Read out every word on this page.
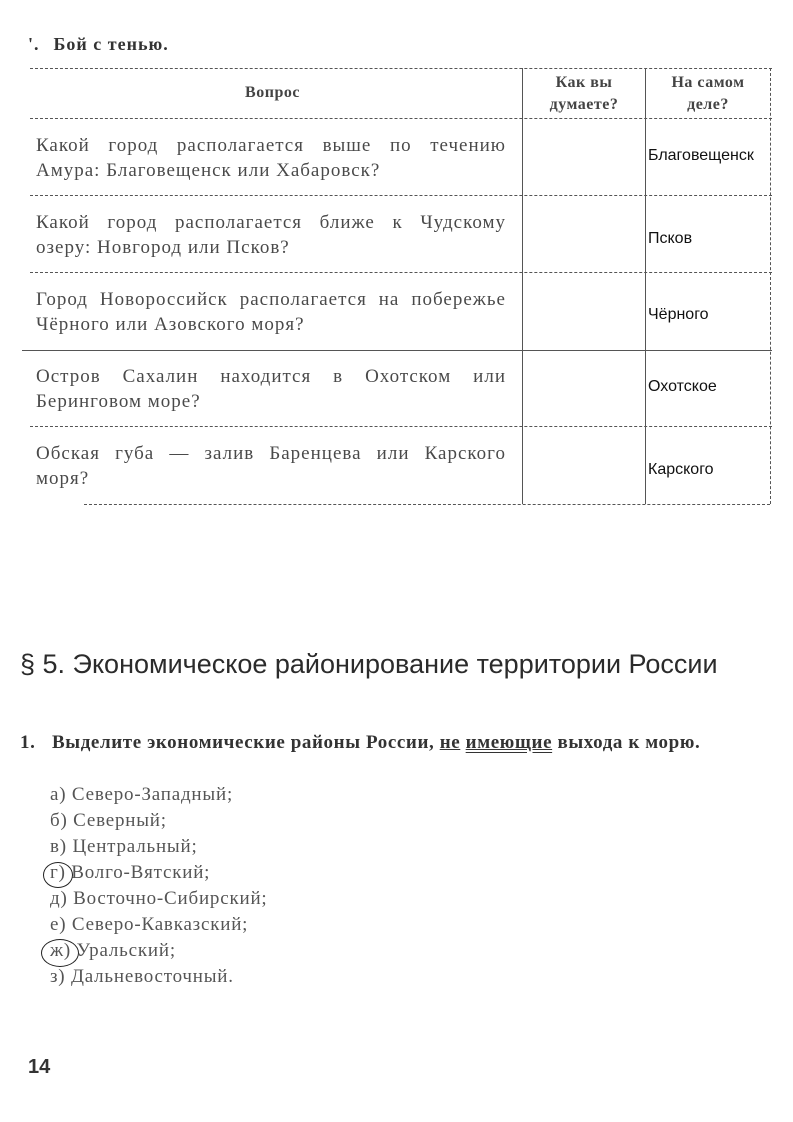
'. Бой с тенью.
Вопрос
Как вы думаете?
На самом деле?
Какой город располагается выше по течению Амура: Благовещенск или Хабаровск?
Какой город располагается ближе к Чудскому озеру: Новгород или Псков?
Город Новороссийск располагается на побережье Чёрного или Азовского моря?
Остров Сахалин находится в Охотском или Беринговом море?
Обская губа — залив Баренцева или Карского моря?
Благовещенск
Псков
Чёрного
Охотское
Карского
§ 5. Экономическое районирование территории России
1. Выделите экономические районы России, не имеющие выхода к морю.
а) Северо-Западный;
б) Северный;
в) Центральный;
г) Волго-Вятский;
д) Восточно-Сибирский;
е) Северо-Кавказский;
ж) Уральский;
з) Дальневосточный.
14
